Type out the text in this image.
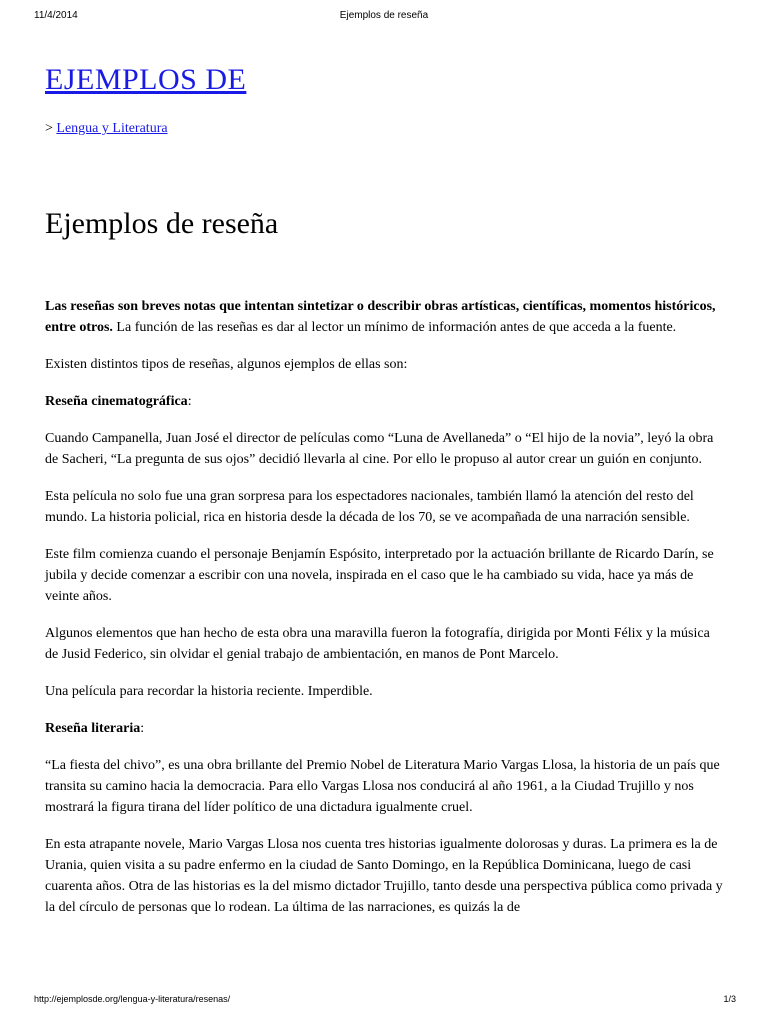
11/4/2014	Ejemplos de reseña
EJEMPLOS DE
> Lengua y Literatura
Ejemplos de reseña

Las reseñas son breves notas que intentan sintetizar o describir obras artísticas, científicas, momentos históricos, entre otros. La función de las reseñas es dar al lector un mínimo de información antes de que acceda a la fuente.

Existen distintos tipos de reseñas, algunos ejemplos de ellas son:

Reseña cinematográfica:

Cuando Campanella, Juan José el director de películas como “Luna de Avellaneda” o “El hijo de la novia”, leyó la obra de Sacheri, “La pregunta de sus ojos” decidió llevarla al cine. Por ello le propuso al autor crear un guión en conjunto.

Esta película no solo fue una gran sorpresa para los espectadores nacionales, también llamó la atención del resto del mundo. La historia policial, rica en historia desde la década de los 70, se ve acompañada de una narración sensible.

Este film comienza cuando el personaje Benjamín Espósito, interpretado por la actuación brillante de Ricardo Darín, se jubila y decide comenzar a escribir con una novela, inspirada en el caso que le ha cambiado su vida, hace ya más de veinte años.

Algunos elementos que han hecho de esta obra una maravilla fueron la fotografía, dirigida por Monti Félix y la música de Jusid Federico, sin olvidar el genial trabajo de ambientación, en manos de Pont Marcelo.

Una película para recordar la historia reciente. Imperdible.

Reseña literaria:

“La fiesta del chivo”, es una obra brillante del Premio Nobel de Literatura Mario Vargas Llosa, la historia de un país que transita su camino hacia la democracia. Para ello Vargas Llosa nos conducirá al año 1961, a la Ciudad Trujillo y nos mostrará la figura tirana del líder político de una dictadura igualmente cruel.

En esta atrapante novele, Mario Vargas Llosa nos cuenta tres historias igualmente dolorosas y duras. La primera es la de Urania, quien visita a su padre enfermo en la ciudad de Santo Domingo, en la República Dominicana, luego de casi cuarenta años. Otra de las historias es la del mismo dictador Trujillo, tanto desde una perspectiva pública como privada y la del círculo de personas que lo rodean. La última de las narraciones, es quizás la de

http://ejemplosde.org/lengua-y-literatura/resenas/	1/3
